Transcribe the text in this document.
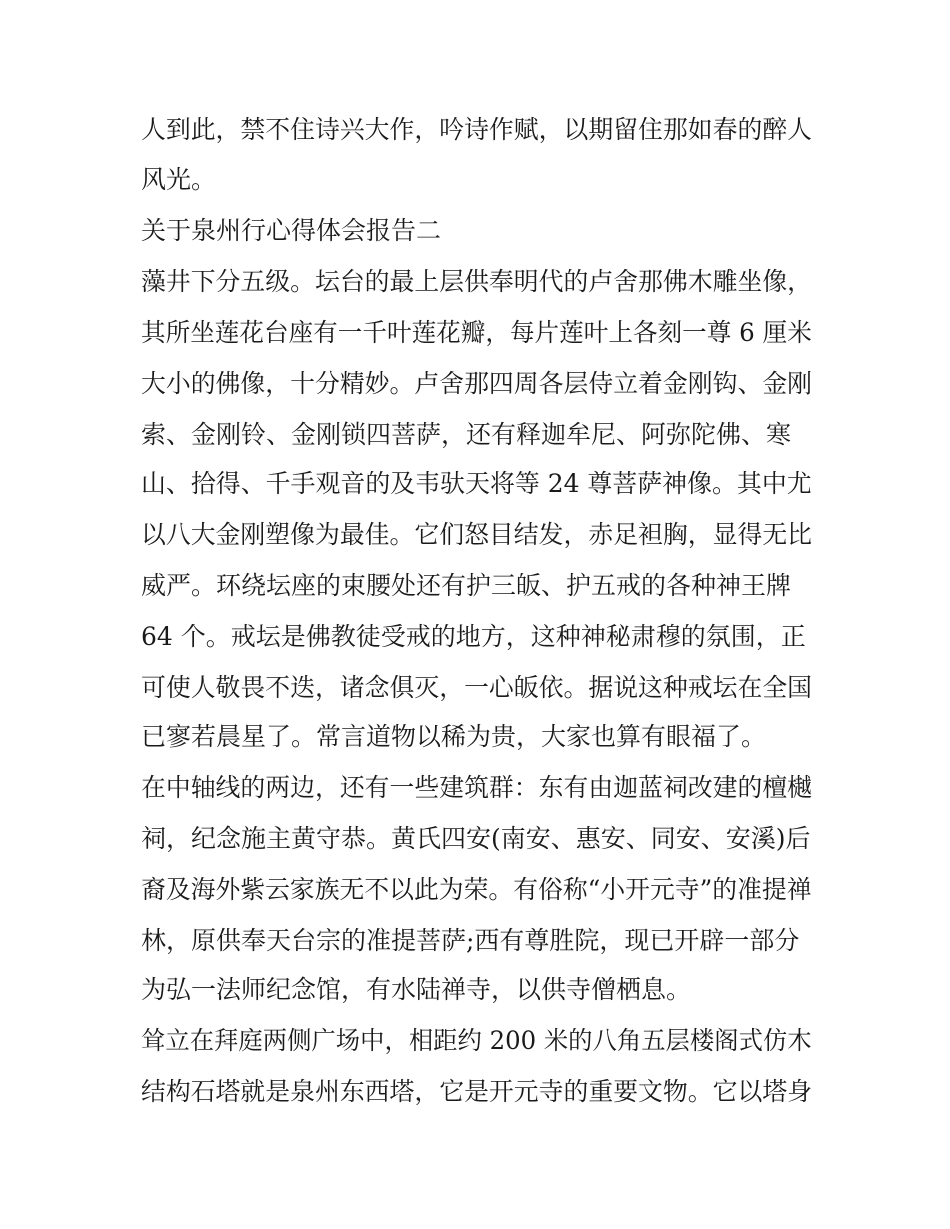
人到此，禁不住诗兴大作，吟诗作赋，以期留住那如春的醉人
风光。
关于泉州行心得体会报告二
藻井下分五级。坛台的最上层供奉明代的卢舍那佛木雕坐像，
其所坐莲花台座有一千叶莲花瓣，每片莲叶上各刻一尊 6 厘米
大小的佛像，十分精妙。卢舍那四周各层侍立着金刚钩、金刚
索、金刚铃、金刚锁四菩萨，还有释迦牟尼、阿弥陀佛、寒
山、拾得、千手观音的及韦驮天将等 24 尊菩萨神像。其中尤
以八大金刚塑像为最佳。它们怒目结发，赤足袒胸，显得无比
威严。环绕坛座的束腰处还有护三皈、护五戒的各种神王牌
64 个。戒坛是佛教徒受戒的地方，这种神秘肃穆的氛围，正
可使人敬畏不迭，诸念俱灭，一心皈依。据说这种戒坛在全国
已寥若晨星了。常言道物以稀为贵，大家也算有眼福了。
在中轴线的两边，还有一些建筑群：东有由迦蓝祠改建的檀樾
祠，纪念施主黄守恭。黄氏四安(南安、惠安、同安、安溪)后
裔及海外紫云家族无不以此为荣。有俗称“小开元寺”的准提禅
林，原供奉天台宗的准提菩萨;西有尊胜院，现已开辟一部分
为弘一法师纪念馆，有水陆禅寺，以供寺僧栖息。
耸立在拜庭两侧广场中，相距约 200 米的八角五层楼阁式仿木
结构石塔就是泉州东西塔，它是开元寺的重要文物。它以塔身
